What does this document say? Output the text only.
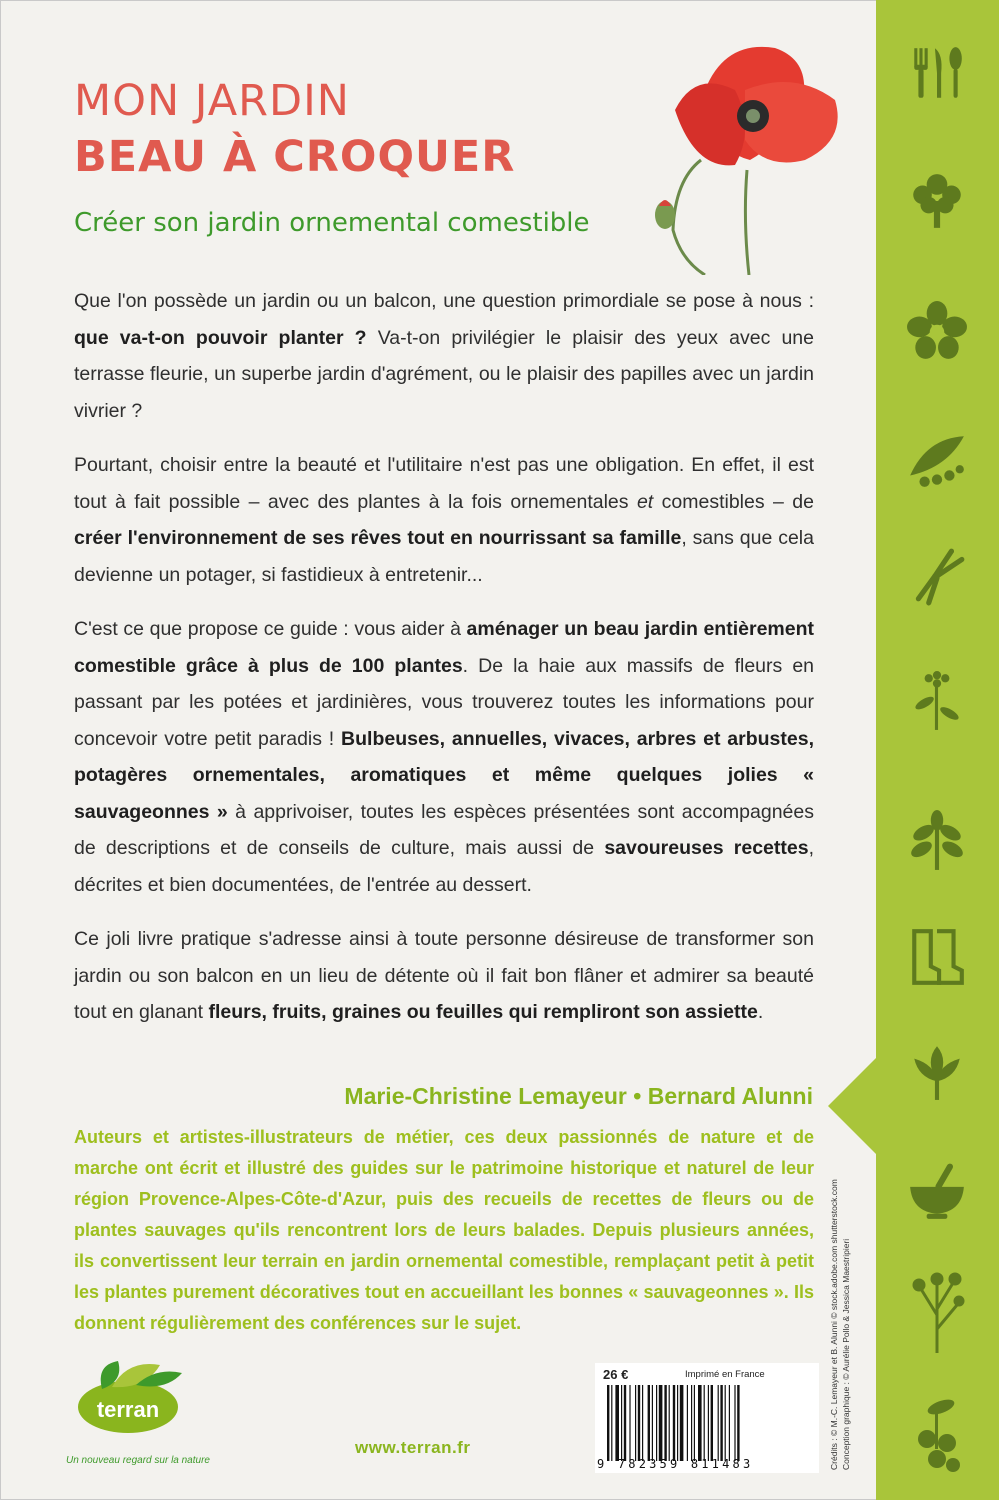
MON JARDIN
BEAU À CROQUER
Créer son jardin ornemental comestible

Que l'on possède un jardin ou un balcon, une question primordiale se pose à nous : que va-t-on pouvoir planter ? Va-t-on privilégier le plaisir des yeux avec une terrasse fleurie, un superbe jardin d'agrément, ou le plaisir des papilles avec un jardin vivrier ?

Pourtant, choisir entre la beauté et l'utilitaire n'est pas une obligation. En effet, il est tout à fait possible – avec des plantes à la fois ornementales et comestibles – de créer l'environnement de ses rêves tout en nourrissant sa famille, sans que cela devienne un potager, si fastidieux à entretenir...

C'est ce que propose ce guide : vous aider à aménager un beau jardin entièrement comestible grâce à plus de 100 plantes. De la haie aux massifs de fleurs en passant par les potées et jardinières, vous trouverez toutes les informations pour concevoir votre petit paradis ! Bulbeuses, annuelles, vivaces, arbres et arbustes, potagères ornementales, aromatiques et même quelques jolies « sauvageonnes » à apprivoiser, toutes les espèces présentées sont accompagnées de descriptions et de conseils de culture, mais aussi de savoureuses recettes, décrites et bien documentées, de l'entrée au dessert.

Ce joli livre pratique s'adresse ainsi à toute personne désireuse de transformer son jardin ou son balcon en un lieu de détente où il fait bon flâner et admirer sa beauté tout en glanant fleurs, fruits, graines ou feuilles qui rempliront son assiette.

Marie-Christine Lemayeur • Bernard Alunni
Auteurs et artistes-illustrateurs de métier, ces deux passionnés de nature et de marche ont écrit et illustré des guides sur le patrimoine historique et naturel de leur région Provence-Alpes-Côte-d'Azur, puis des recueils de recettes de fleurs ou de plantes sauvages qu'ils rencontrent lors de leurs balades. Depuis plusieurs années, ils convertissent leur terrain en jardin ornemental comestible, remplaçant petit à petit les plantes purement décoratives tout en accueillant les bonnes « sauvageonnes ». Ils donnent régulièrement des conférences sur le sujet.
terran
Un nouveau regard sur la nature
www.terran.fr
26 €	Imprimé en France
9 782359 811483	Crédits : © M.-C. Lemayeur et B. Alunni © stock.adobe.com shutterstock.com Conception graphique : © Aurélie Pollo & Jessica Maestripieri
